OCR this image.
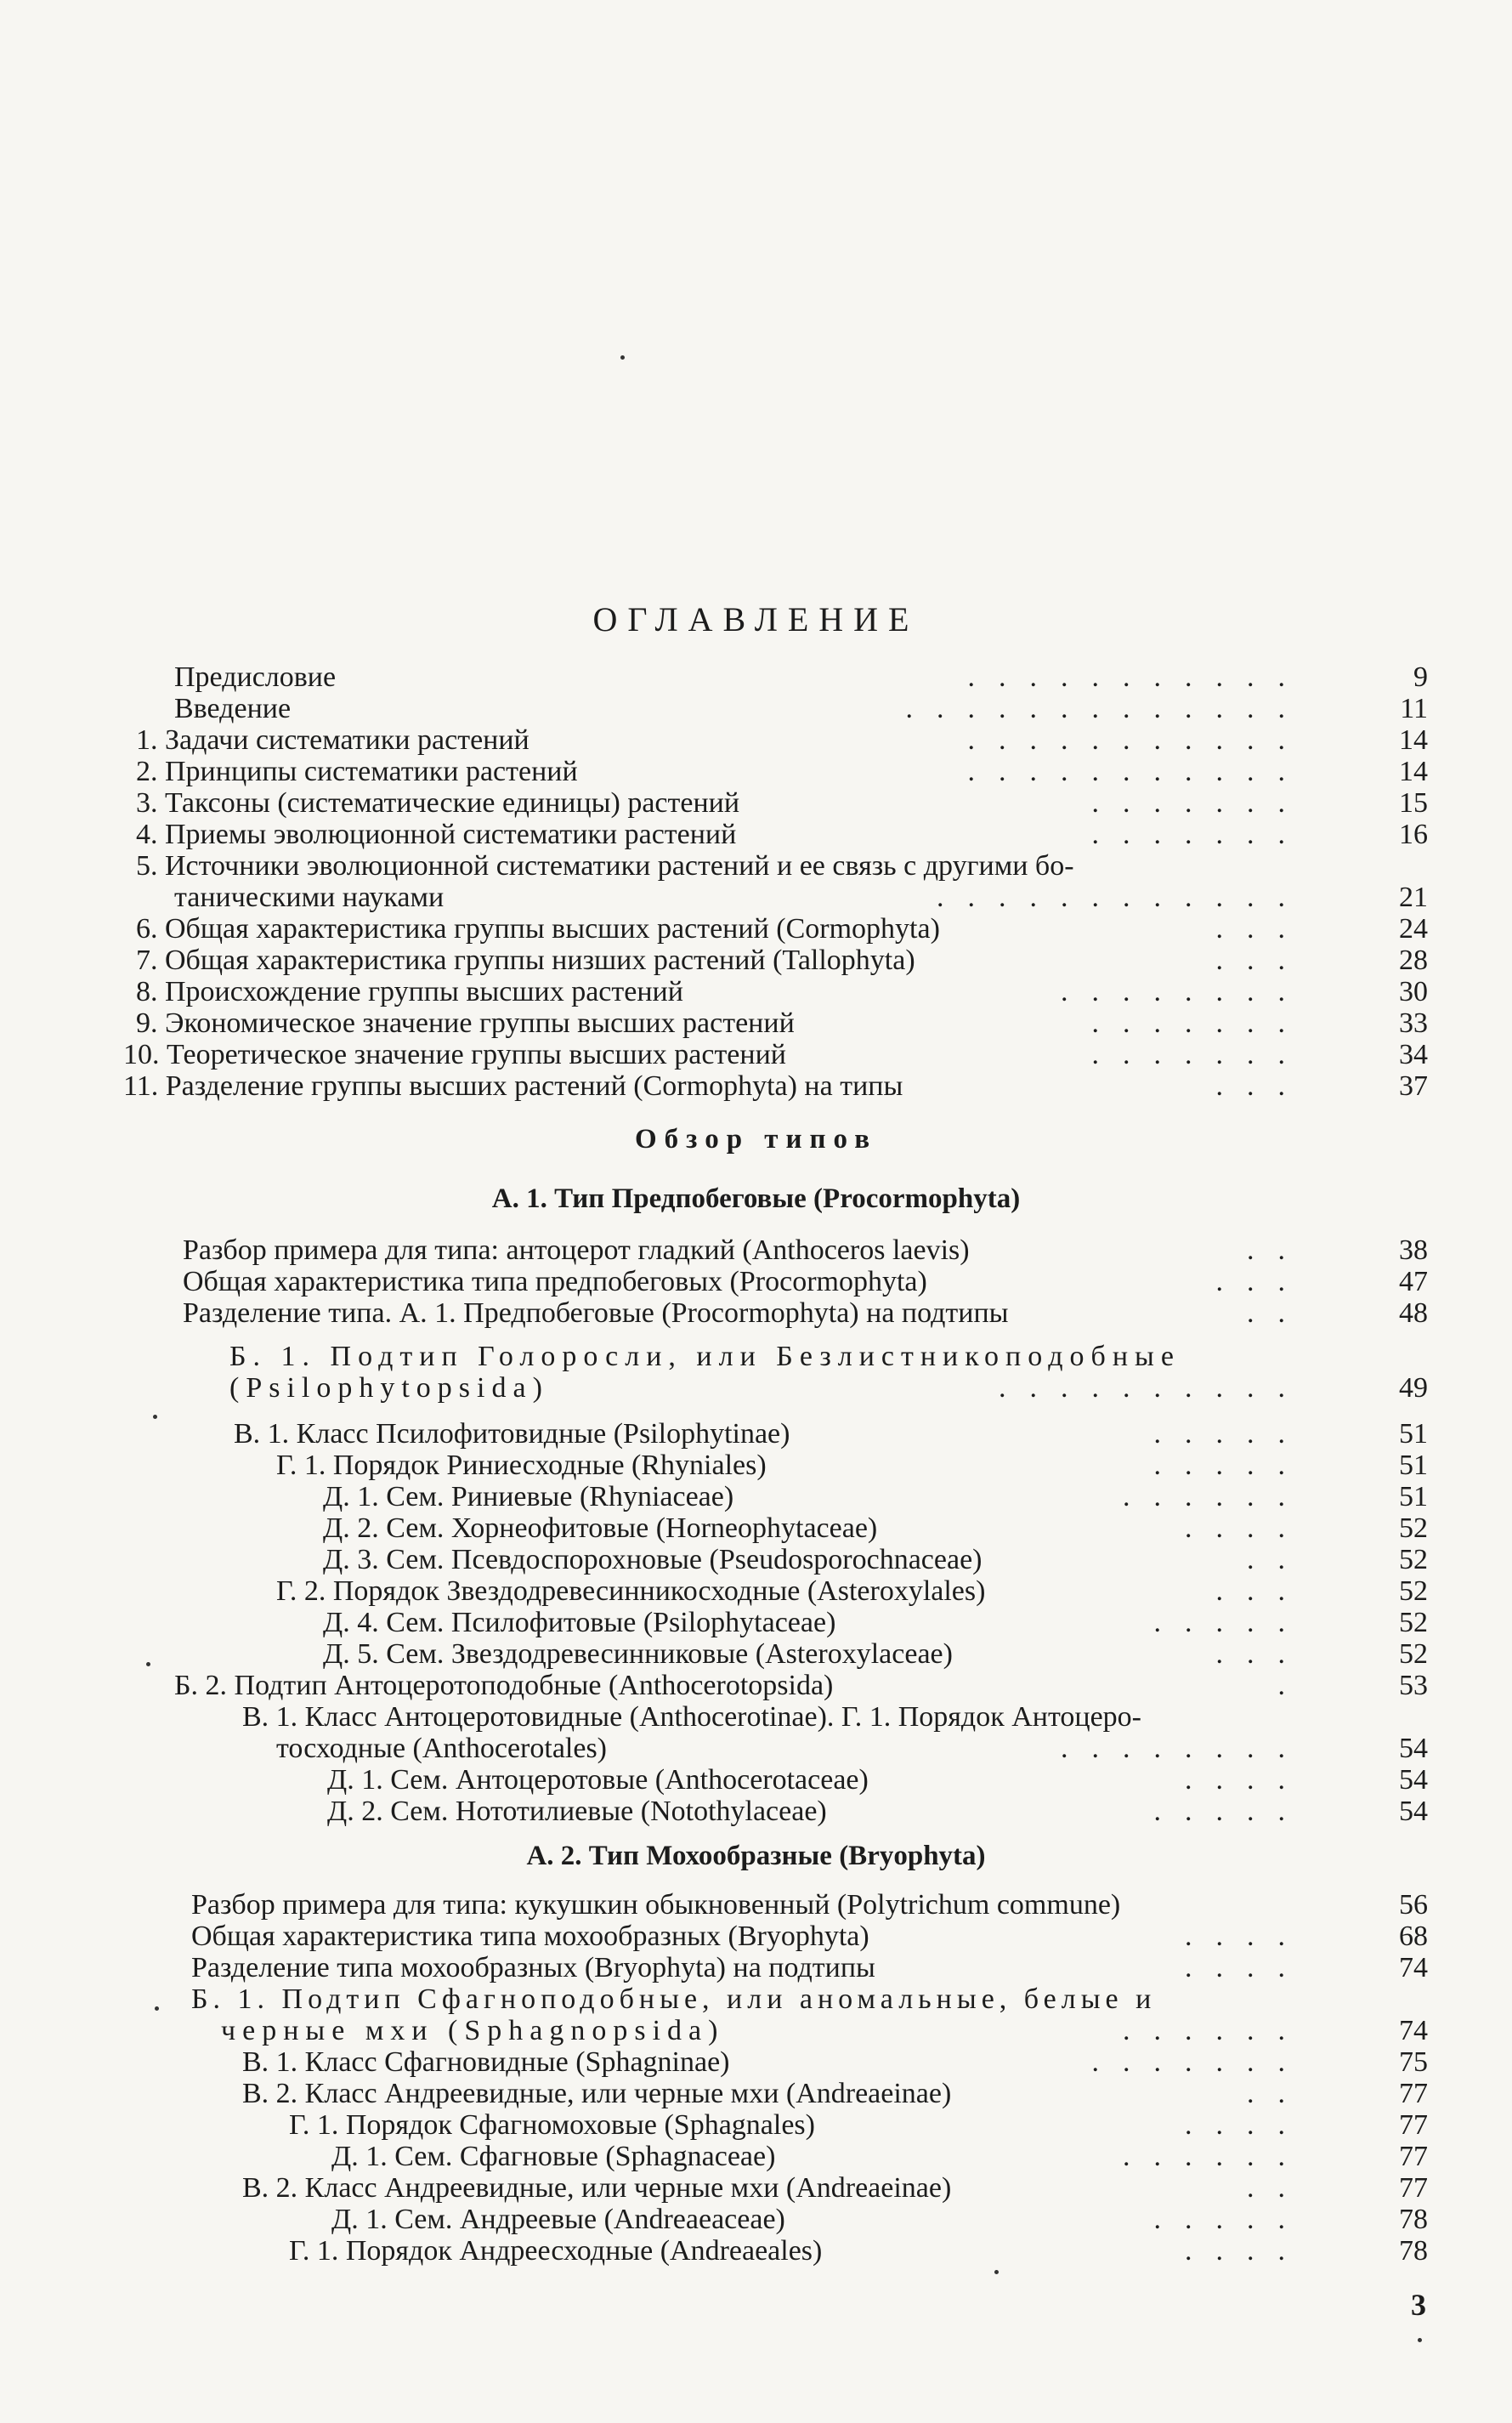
ОГЛАВЛЕНИЕ
Предисловие	...........	9
Введение	.............	11
1. Задачи систематики растений	...........	14
2. Принципы систематики растений	...........	14
3. Таксоны (систематические единицы) растений	.......	15
4. Приемы эволюционной систематики растений	.......	16
5. Источники эволюционной систематики растений и ее связь с другими бо-
таническими науками	............	21
6. Общая характеристика группы высших растений (Cormophyta)	...	24
7. Общая характеристика группы низших растений (Tallophyta)	...	28
8. Происхождение группы высших растений	........	30
9. Экономическое значение группы высших растений	.......	33
10. Теоретическое значение группы высших растений	.......	34
11. Разделение группы высших растений (Cormophyta) на типы	...	37
Обзор типов
А. 1. Тип Предпобеговые (Procormophyta)
Разбор примера для типа: антоцерот гладкий (Anthoceros laevis)	..	38
Общая характеристика типа предпобеговых (Procormophyta)	...	47
Разделение типа. А. 1. Предпобеговые (Procormophyta) на подтипы	..	48
Б. 1. Подтип Голоросли, или Безлистникоподобные
(Psilophytopsida)	..........	49
В. 1. Класс Псилофитовидные (Psilophytinae)	.....	51
Г. 1. Порядок Риниесходные (Rhyniales)	.....	51
Д. 1. Сем. Риниевые (Rhyniaceae)	......	51
Д. 2. Сем. Хорнеофитовые (Horneophytaceae)	....	52
Д. 3. Сем. Псевдоспорохновые (Pseudosporochnaceae)	..	52
Г. 2. Порядок Звездодревесинникосходные (Asteroxylales)	...	52
Д. 4. Сем. Псилофитовые (Psilophytaceae)	.....	52
Д. 5. Сем. Звездодревесинниковые (Asteroxylaceae)	...	52
Б. 2. Подтип Антоцеротоподобные (Anthocerotopsida)	.	53
В. 1. Класс Антоцеротовидные (Anthocerotinae). Г. 1. Порядок Антоцеро-
тосходные (Anthocerotales)	........	54
Д. 1. Сем. Антоцеротовые (Anthocerotaceae)	....	54
Д. 2. Сем. Нототилиевые (Notothylaceae)	.....	54
А. 2. Тип Мохообразные (Bryophyta)
Разбор примера для типа: кукушкин обыкновенный (Polytrichum commune)	56
Общая характеристика типа мохообразных (Bryophyta)	....	68
Разделение типа мохообразных (Bryophyta) на подтипы	....	74
Б. 1. Подтип Сфагноподобные, или аномальные, белые и
черные мхи (Sphagnopsida)	......	74
В. 1. Класс Сфагновидные (Sphagninae)	.......	75
В. 2. Класс Андреевидные, или черные мхи (Andreaeinae)	..	77
Г. 1. Порядок Сфагномоховые (Sphagnales)	....	77
Д. 1. Сем. Сфагновые (Sphagnaceae)	......	77
В. 2. Класс Андреевидные, или черные мхи (Andreaeinae)	..	77
Д. 1. Сем. Андреевые (Andreaeaceae)	.....	78
Г. 1. Порядок Андреесходные (Andreaeales)	....	78
3
